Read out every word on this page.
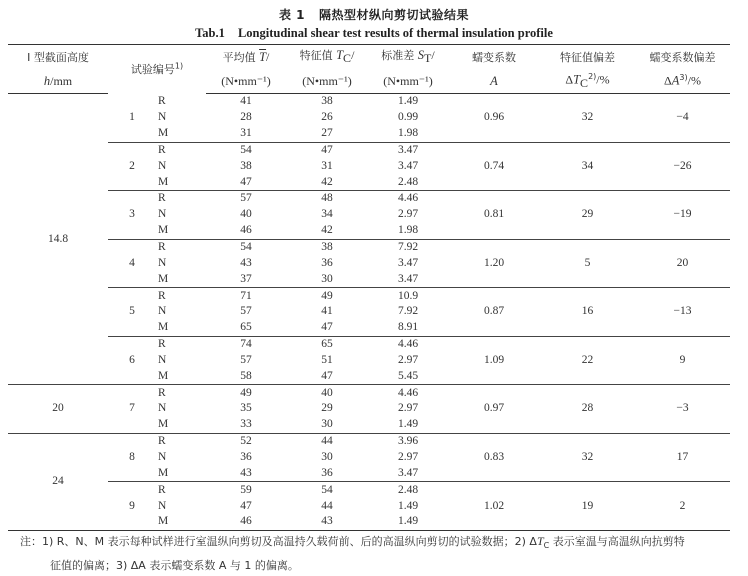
表 1 隔热型材纵向剪切试验结果
Tab.1 Longitudinal shear test results of thermal insulation profile
I 型截面高度	试验编号$^{1)}$		平均值 $\overline{T}/$	特征值 $T_C/$	标准差 $S_T/$	蠕变系数	特征值偏差	蠕变系数偏差
h/mm			(N•mm⁻¹)	(N•mm⁻¹)	(N•mm⁻¹)	A	$\Delta T_C^{2)}/\%$	ΔA$^{3)}$/%
14.8	1	R	41	38	1.49	0.96	32	−4
		N	28	26	0.99			
		M	31	27	1.98			
	2	R	54	47	3.47	0.74	34	−26
		N	38	31	3.47			
		M	47	42	2.48			
	3	R	57	48	4.46	0.81	29	−19
		N	40	34	2.97			
		M	46	42	1.98			
	4	R	54	38	7.92	1.20	5	20
		N	43	36	3.47			
		M	37	30	3.47			
	5	R	71	49	10.9	0.87	16	−13
		N	57	41	7.92			
		M	65	47	8.91			
	6	R	74	65	4.46	1.09	22	9
		N	57	51	2.97			
		M	58	47	5.45			
20	7	R	49	40	4.46	0.97	28	−3
		N	35	29	2.97			
		M	33	30	1.49			
24	8	R	52	44	3.96	0.83	32	17
		N	36	30	2.97			
		M	43	36	3.47			
	9	R	59	54	2.48	1.02	19	2
		N	47	44	1.49			
		M	46	43	1.49			
注：1) R、N、M 表示每种试样进行室温纵向剪切及高温持久载荷前、后的高温纵向剪切的试验数据；2) $\Delta T_C$ 表示室温与高温纵向抗剪特
征值的偏离；3) ΔA 表示蠕变系数 A 与 1 的偏离。
